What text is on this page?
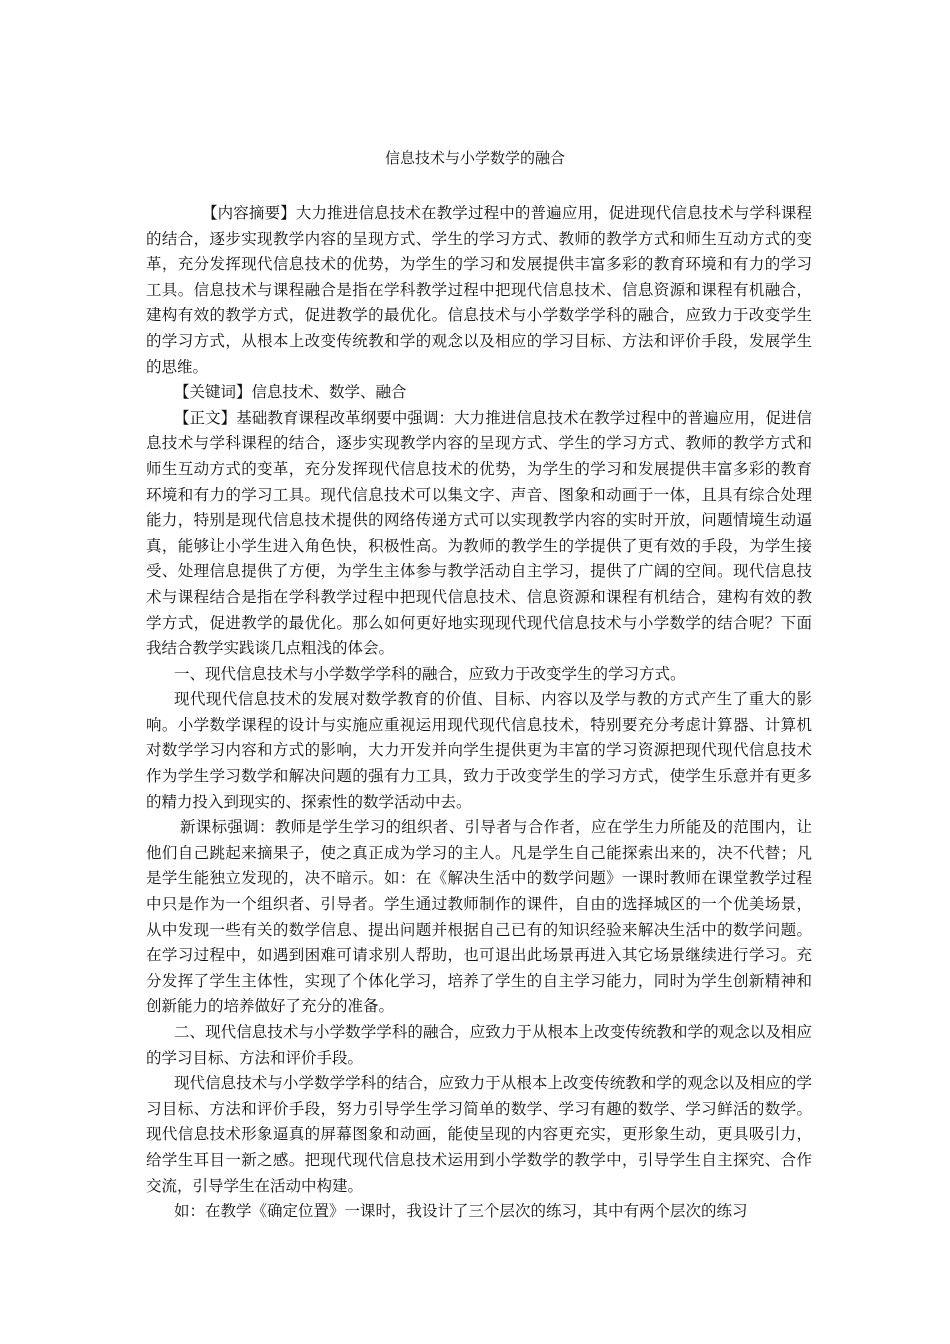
信息技术与小学数学的融合

【内容摘要】大力推进信息技术在教学过程中的普遍应用，促进现代信息技术与学科课程的结合，逐步实现教学内容的呈现方式、学生的学习方式、教师的教学方式和师生互动方式的变革，充分发挥现代信息技术的优势，为学生的学习和发展提供丰富多彩的教育环境和有力的学习工具。信息技术与课程融合是指在学科教学过程中把现代信息技术、信息资源和课程有机融合，建构有效的教学方式，促进教学的最优化。信息技术与小学数学学科的融合，应致力于改变学生的学习方式，从根本上改变传统教和学的观念以及相应的学习目标、方法和评价手段，发展学生的思维。

【关键词】信息技术、数学、融合

【正文】基础教育课程改革纲要中强调：大力推进信息技术在教学过程中的普遍应用，促进信息技术与学科课程的结合，逐步实现教学内容的呈现方式、学生的学习方式、教师的教学方式和师生互动方式的变革，充分发挥现代信息技术的优势，为学生的学习和发展提供丰富多彩的教育环境和有力的学习工具。现代信息技术可以集文字、声音、图象和动画于一体，且具有综合处理能力，特别是现代信息技术提供的网络传递方式可以实现教学内容的实时开放，问题情境生动逼真，能够让小学生进入角色快，积极性高。为教师的教学生的学提供了更有效的手段，为学生接受、处理信息提供了方便，为学生主体参与教学活动自主学习，提供了广阔的空间。现代信息技术与课程结合是指在学科教学过程中把现代信息技术、信息资源和课程有机结合，建构有效的教学方式，促进教学的最优化。那么如何更好地实现现代现代信息技术与小学数学的结合呢？下面我结合教学实践谈几点粗浅的体会。

一、现代信息技术与小学数学学科的融合，应致力于改变学生的学习方式。

现代现代信息技术的发展对数学教育的价值、目标、内容以及学与教的方式产生了重大的影响。小学数学课程的设计与实施应重视运用现代现代信息技术，特别要充分考虑计算器、计算机对数学学习内容和方式的影响，大力开发并向学生提供更为丰富的学习资源把现代现代信息技术作为学生学习数学和解决问题的强有力工具，致力于改变学生的学习方式，使学生乐意并有更多的精力投入到现实的、探索性的数学活动中去。

新课标强调：教师是学生学习的组织者、引导者与合作者，应在学生力所能及的范围内，让他们自己跳起来摘果子，使之真正成为学习的主人。凡是学生自己能探索出来的，决不代替；凡是学生能独立发现的，决不暗示。如：在《解决生活中的数学问题》一课时教师在课堂教学过程中只是作为一个组织者、引导者。学生通过教师制作的课件，自由的选择城区的一个优美场景，从中发现一些有关的数学信息、提出问题并根据自己已有的知识经验来解决生活中的数学问题。在学习过程中，如遇到困难可请求别人帮助，也可退出此场景再进入其它场景继续进行学习。充分发挥了学生主体性，实现了个体化学习，培养了学生的自主学习能力，同时为学生创新精神和创新能力的培养做好了充分的准备。

二、现代信息技术与小学数学学科的融合，应致力于从根本上改变传统教和学的观念以及相应的学习目标、方法和评价手段。

现代信息技术与小学数学学科的结合，应致力于从根本上改变传统教和学的观念以及相应的学习目标、方法和评价手段，努力引导学生学习简单的数学、学习有趣的数学、学习鲜活的数学。现代信息技术形象逼真的屏幕图象和动画，能使呈现的内容更充实，更形象生动，更具吸引力，给学生耳目一新之感。把现代现代信息技术运用到小学数学的教学中，引导学生自主探究、合作交流，引导学生在活动中构建。

如：在教学《确定位置》一课时，我设计了三个层次的练习，其中有两个层次的练习
